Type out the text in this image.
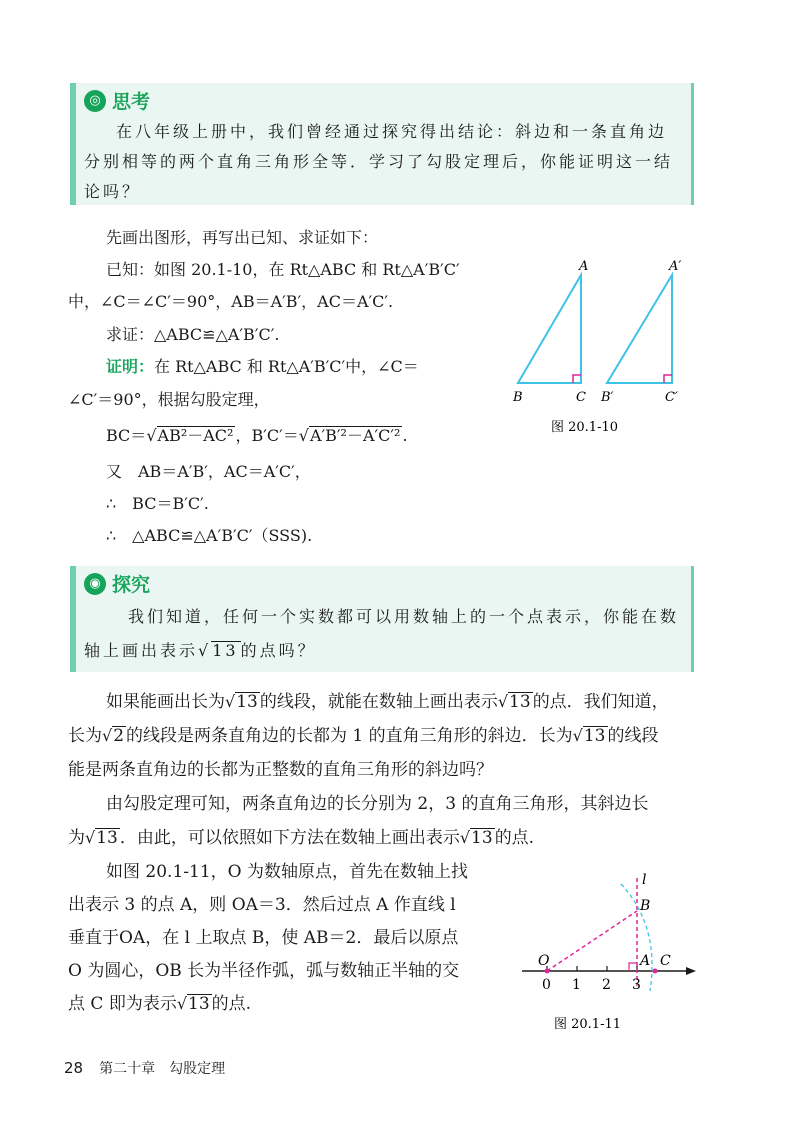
◎ 思考
在八年级上册中，我们曾经通过探究得出结论：斜边和一条直角边分别相等的两个直角三角形全等．学习了勾股定理后，你能证明这一结论吗？
先画出图形，再写出已知、求证如下：
已知：如图 20.1-10，在 Rt△ABC 和 Rt△A′B′C′
中，∠C＝∠C′＝90°，AB＝A′B′，AC＝A′C′.
求证：△ABC≌△A′B′C′.
证明：在 Rt△ABC 和 Rt△A′B′C′中，∠C＝
∠C′＝90°，根据勾股定理，
BC＝√AB²－AC² ，B′C′＝√A′B′²－A′C′² .
又　AB＝A′B′，AC＝A′C′，
∴　BC＝B′C′.
∴　△ABC≌△A′B′C′（SSS).
A
B	C
A′
B′	C′
图 20.1-10
◉ 探究
我们知道，任何一个实数都可以用数轴上的一个点表示，你能在数
轴上画出表示√13 的点吗？
如果能画出长为√13 的线段，就能在数轴上画出表示√13 的点．我们知道，
长为√2 的线段是两条直角边的长都为 1 的直角三角形的斜边．长为√13 的线段
能是两条直角边的长都为正整数的直角三角形的斜边吗？
由勾股定理可知，两条直角边的长分别为 2，3 的直角三角形，其斜边长
为√13 ．由此，可以依照如下方法在数轴上画出表示√13 的点.
如图 20.1-11，O 为数轴原点，首先在数轴上找
出表示 3 的点 A，则 OA＝3．然后过点 A 作直线 l
垂直于OA，在 l 上取点 B，使 AB＝2．最后以原点
O 为圆心，OB 长为半径作弧，弧与数轴正半轴的交
点 C 即为表示√13 的点.
l
B
O	A C
0 1 2 3
图 20.1-11
28 第二十章　勾股定理
